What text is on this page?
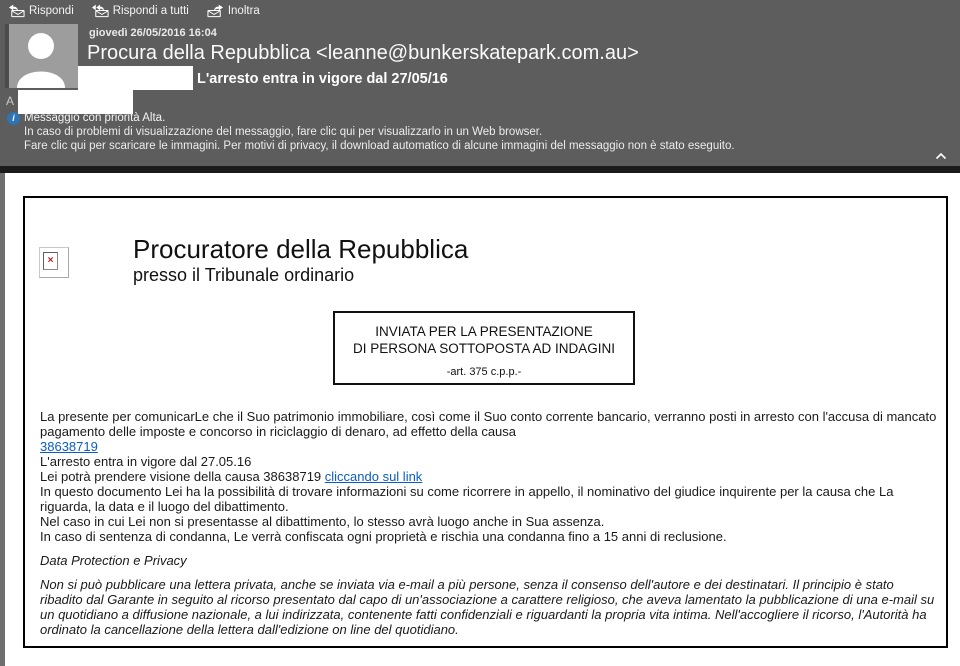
Rispondi	Rispondi a tutti	Inoltra
giovedì 26/05/2016 16:04
Procura della Repubblica <leanne@bunkerskatepark.com.au>
L'arresto entra in vigore dal 27/05/16
A
i Messaggio con priorità Alta.
In caso di problemi di visualizzazione del messaggio, fare clic qui per visualizzarlo in un Web browser.
Fare clic qui per scaricare le immagini. Per motivi di privacy, il download automatico di alcune immagini del messaggio non è stato eseguito.
×	Procuratore della Repubblica
presso il Tribunale ordinario
INVIATA PER LA PRESENTAZIONE
DI PERSONA SOTTOPOSTA AD INDAGINI
-art. 375 c.p.p.-

La presente per comunicarLe che il Suo patrimonio immobiliare, così come il Suo conto corrente bancario, verranno posti in arresto con l'accusa di mancato pagamento delle imposte e concorso in riciclaggio di denaro, ad effetto della causa

38638719

L'arresto entra in vigore dal 27.05.16

Lei potrà prendere visione della causa 38638719 cliccando sul link

In questo documento Lei ha la possibilità di trovare informazioni su come ricorrere in appello, il nominativo del giudice inquirente per la causa che La riguarda, la data e il luogo del dibattimento.

Nel caso in cui Lei non si presentasse al dibattimento, lo stesso avrà luogo anche in Sua assenza.

In caso di sentenza di condanna, Le verrà confiscata ogni proprietà e rischia una condanna fino a 15 anni di reclusione.

Data Protection e Privacy

Non si può pubblicare una lettera privata, anche se inviata via e-mail a più persone, senza il consenso dell'autore e dei destinatari. Il principio è stato ribadito dal Garante in seguito al ricorso presentato dal capo di un'associazione a carattere religioso, che aveva lamentato la pubblicazione di una e-mail su un quotidiano a diffusione nazionale, a lui indirizzata, contenente fatti confidenziali e riguardanti la propria vita intima. Nell'accogliere il ricorso, l'Autorità ha ordinato la cancellazione della lettera dall'edizione on line del quotidiano.
